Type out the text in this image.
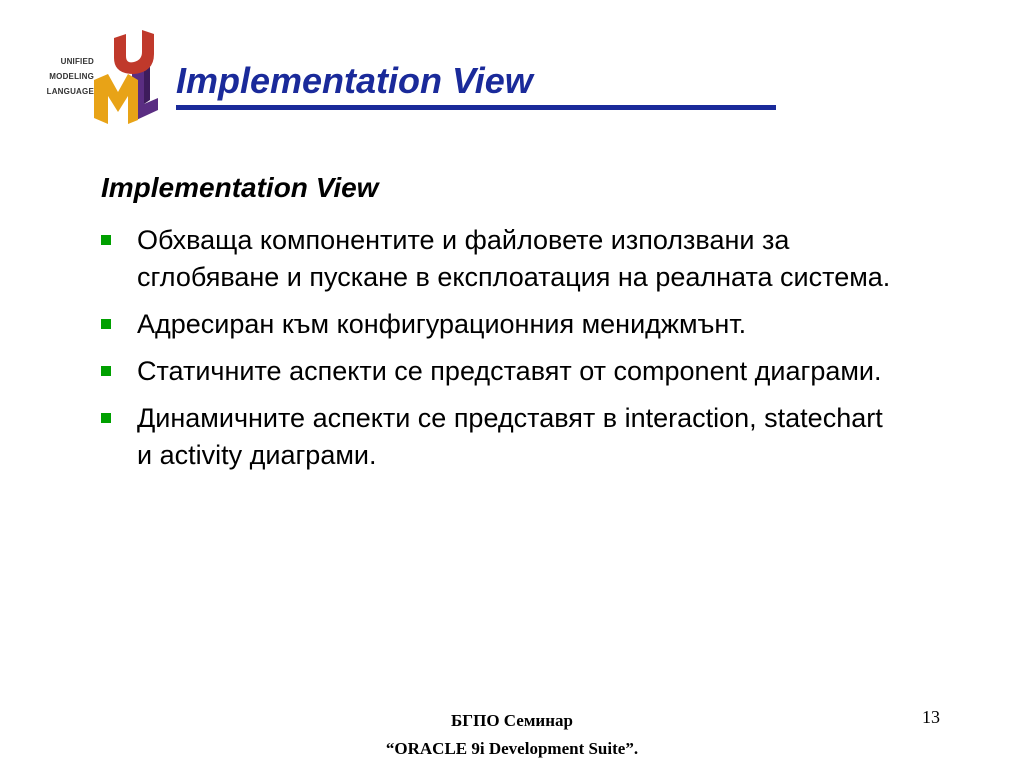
UNIFIED
MODELING
LANGUAGE Implementation View
Implementation View
Обхваща компонентите и файловете използвани за сглобяване и пускане в експлоатация на реалната система.
Адресиран към конфигурационния мениджмънт.
Статичните аспекти се представят от component диаграми.
Динамичните аспекти се представят в interaction, statechart и activity диаграми.
БГПО Семинар
“ORACLE 9i Development Suite”.
13
